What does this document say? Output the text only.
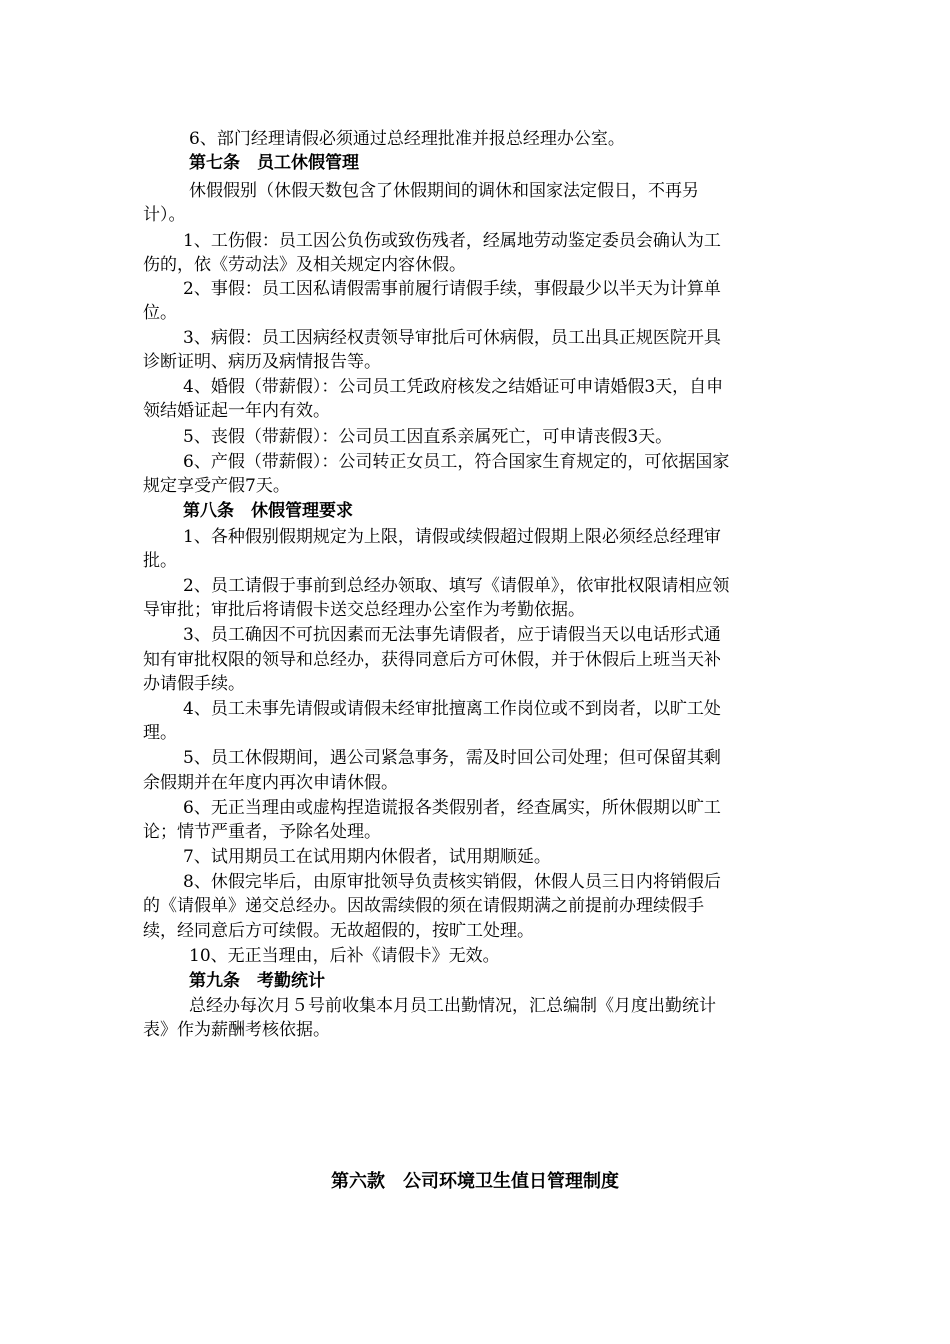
6、部门经理请假必须通过总经理批准并报总经理办公室。
第七条　员工休假管理
休假假别（休假天数包含了休假期间的调休和国家法定假日，不再另
计）。
1、工伤假：员工因公负伤或致伤残者，经属地劳动鉴定委员会确认为工
伤的，依《劳动法》及相关规定内容休假。
2、事假：员工因私请假需事前履行请假手续，事假最少以半天为计算单
位。
3、病假：员工因病经权责领导审批后可休病假，员工出具正规医院开具
诊断证明、病历及病情报告等。
4、婚假（带薪假）：公司员工凭政府核发之结婚证可申请婚假3天，自申
领结婚证起一年内有效。
5、丧假（带薪假）：公司员工因直系亲属死亡，可申请丧假3天。
6、产假（带薪假）：公司转正女员工，符合国家生育规定的，可依据国家
规定享受产假7天。
第八条　休假管理要求
1、各种假别假期规定为上限，请假或续假超过假期上限必须经总经理审
批。
2、员工请假于事前到总经办领取、填写《请假单》，依审批权限请相应领
导审批；审批后将请假卡送交总经理办公室作为考勤依据。
3、员工确因不可抗因素而无法事先请假者，应于请假当天以电话形式通
知有审批权限的领导和总经办，获得同意后方可休假，并于休假后上班当天补
办请假手续。
4、员工未事先请假或请假未经审批擅离工作岗位或不到岗者，以旷工处
理。
5、员工休假期间，遇公司紧急事务，需及时回公司处理；但可保留其剩
余假期并在年度内再次申请休假。
6、无正当理由或虚构捏造谎报各类假别者，经查属实，所休假期以旷工
论；情节严重者，予除名处理。
7、试用期员工在试用期内休假者，试用期顺延。
8、休假完毕后，由原审批领导负责核实销假，休假人员三日内将销假后
的《请假单》递交总经办。因故需续假的须在请假期满之前提前办理续假手
续，经同意后方可续假。无故超假的，按旷工处理。
10、无正当理由，后补《请假卡》无效。
第九条　考勤统计
总经办每次月５号前收集本月员工出勤情况，汇总编制《月度出勤统计
表》作为薪酬考核依据。
第六款　公司环境卫生值日管理制度
